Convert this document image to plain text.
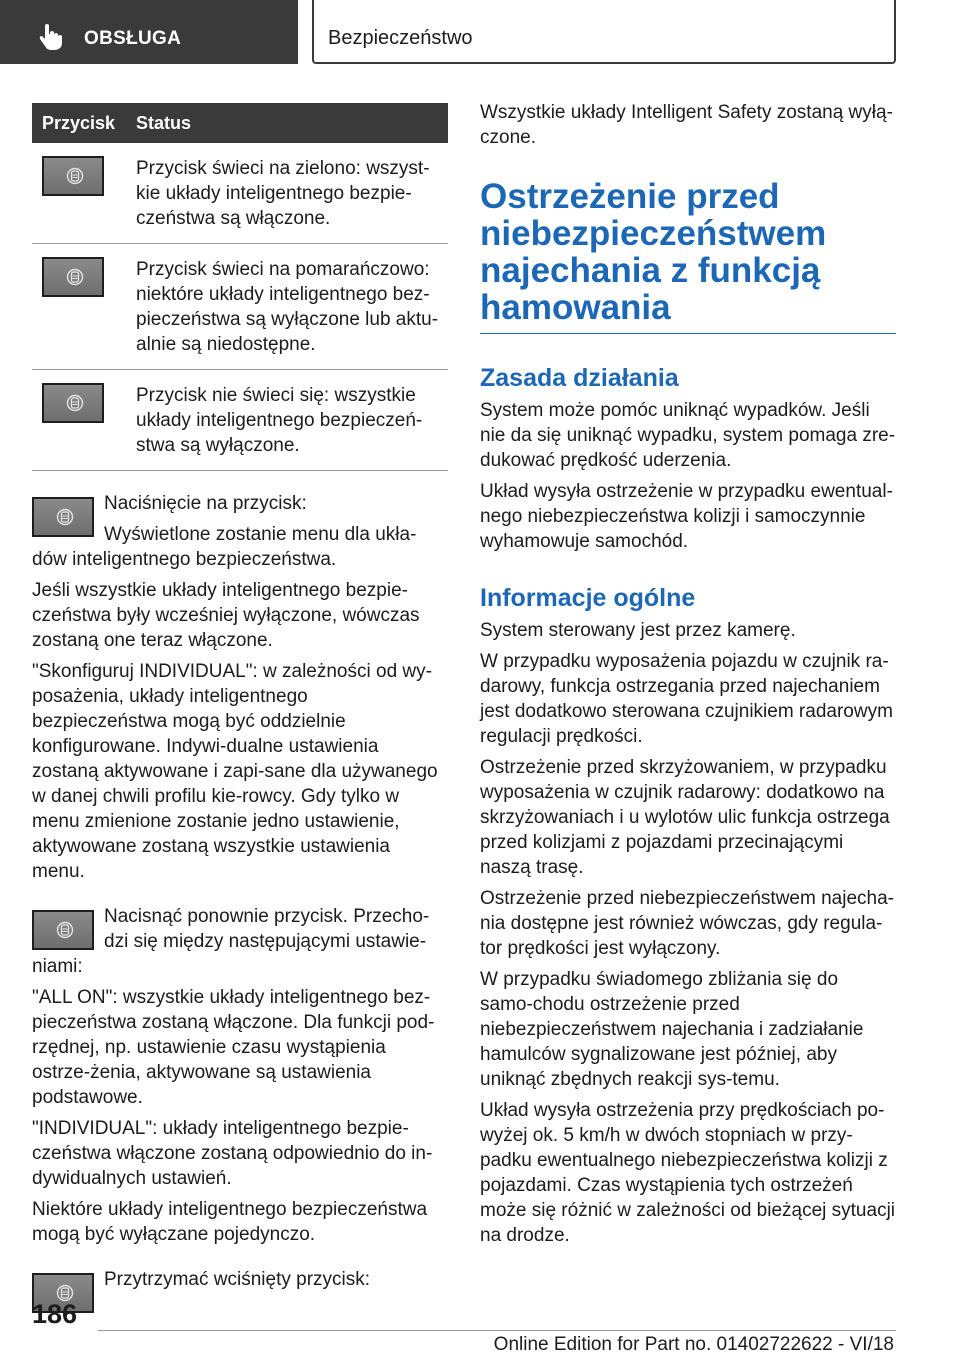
OBSŁUGA	Bezpieczeństwo
Przycisk	Status
Przycisk świeci na zielono: wszyst-kie układy inteligentnego bezpie-czeństwa są włączone.
Przycisk świeci na pomarańczowo: niektóre układy inteligentnego bez-pieczeństwa są wyłączone lub aktu-alnie są niedostępne.
Przycisk nie świeci się: wszystkie układy inteligentnego bezpieczeń-stwa są wyłączone.

Naciśnięcie na przycisk:

Wyświetlone zostanie menu dla ukła-dów inteligentnego bezpieczeństwa.

Jeśli wszystkie układy inteligentnego bezpie-czeństwa były wcześniej wyłączone, wówczas zostaną one teraz włączone.

"Skonfiguruj INDIVIDUAL": w zależności od wy-posażenia, układy inteligentnego bezpieczeństwa mogą być oddzielnie konfigurowane. Indywi-dualne ustawienia zostaną aktywowane i zapi-sane dla używanego w danej chwili profilu kie-rowcy. Gdy tylko w menu zmienione zostanie jedno ustawienie, aktywowane zostaną wszystkie ustawienia menu.

Nacisnąć ponownie przycisk. Przecho-dzi się między następującymi ustawie-niami:

"ALL ON": wszystkie układy inteligentnego bez-pieczeństwa zostaną włączone. Dla funkcji pod-rzędnej, np. ustawienie czasu wystąpienia ostrze-żenia, aktywowane są ustawienia podstawowe.

"INDIVIDUAL": układy inteligentnego bezpie-czeństwa włączone zostaną odpowiednio do in-dywidualnych ustawień.

Niektóre układy inteligentnego bezpieczeństwa mogą być wyłączane pojedynczo.

Przytrzymać wciśnięty przycisk:

Wszystkie układy Intelligent Safety zostaną wyłą-czone.

Ostrzeżenie przed niebezpieczeństwem najechania z funkcją hamowania
Zasada działania

System może pomóc uniknąć wypadków. Jeśli nie da się uniknąć wypadku, system pomaga zre-dukować prędkość uderzenia.

Układ wysyła ostrzeżenie w przypadku ewentual-nego niebezpieczeństwa kolizji i samoczynnie wyhamowuje samochód.

Informacje ogólne

System sterowany jest przez kamerę.

W przypadku wyposażenia pojazdu w czujnik ra-darowy, funkcja ostrzegania przed najechaniem jest dodatkowo sterowana czujnikiem radarowym regulacji prędkości.

Ostrzeżenie przed skrzyżowaniem, w przypadku wyposażenia w czujnik radarowy: dodatkowo na skrzyżowaniach i u wylotów ulic funkcja ostrzega przed kolizjami z pojazdami przecinającymi naszą trasę.

Ostrzeżenie przed niebezpieczeństwem najecha-nia dostępne jest również wówczas, gdy regula-tor prędkości jest wyłączony.

W przypadku świadomego zbliżania się do samo-chodu ostrzeżenie przed niebezpieczeństwem najechania i zadziałanie hamulców sygnalizowane jest później, aby uniknąć zbędnych reakcji sys-temu.

Układ wysyła ostrzeżenia przy prędkościach po-wyżej ok. 5 km/h w dwóch stopniach w przy-padku ewentualnego niebezpieczeństwa kolizji z pojazdami. Czas wystąpienia tych ostrzeżeń może się różnić w zależności od bieżącej sytuacji na drodze.

186
Online Edition for Part no. 01402722622 - VI/18
